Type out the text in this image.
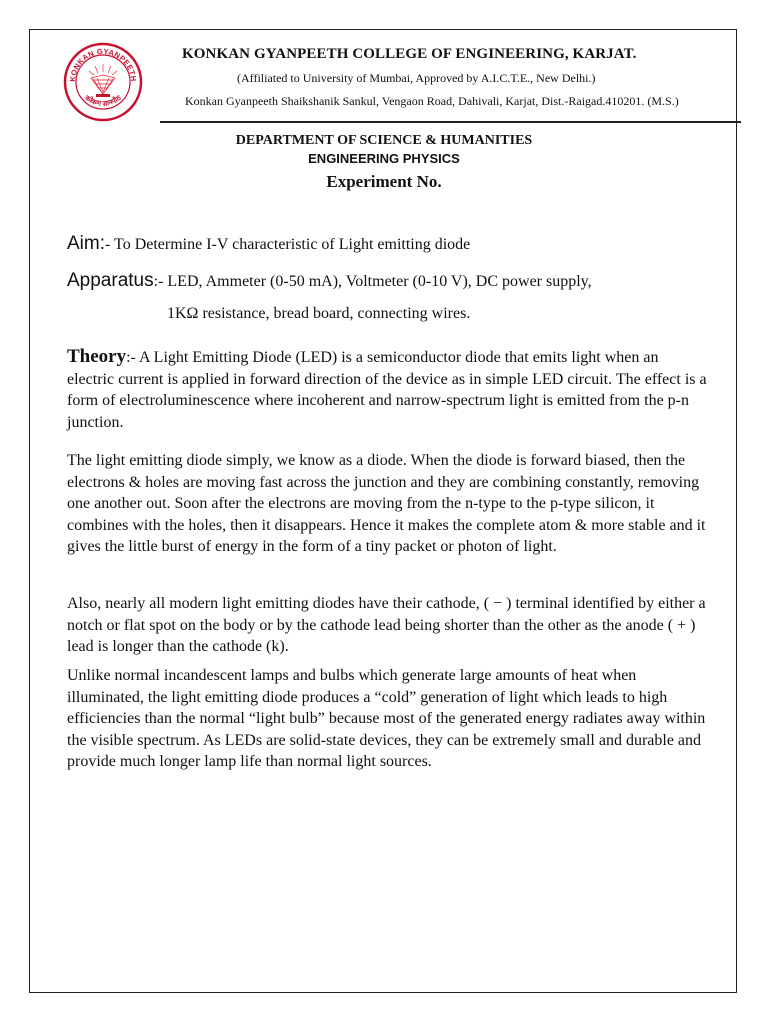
KONKAN GYANPEETH
कोकण ज्ञानपीठ
KONKAN GYANPEETH COLLEGE OF ENGINEERING, KARJAT.
(Affiliated to University of Mumbai, Approved by A.I.C.T.E., New Delhi.)
Konkan Gyanpeeth Shaikshanik Sankul, Vengaon Road, Dahivali, Karjat, Dist.-Raigad.410201. (M.S.)
DEPARTMENT OF SCIENCE & HUMANITIES
ENGINEERING PHYSICS
Experiment No.
Aim:- To Determine I-V characteristic of Light emitting diode
Apparatus:- LED, Ammeter (0-50 mA), Voltmeter (0-10 V), DC power supply,
1KΩ resistance, bread board, connecting wires.
Theory:- A Light Emitting Diode (LED) is a semiconductor diode that emits light when an electric current is applied in forward direction of the device as in simple LED circuit. The effect is a form of electroluminescence where incoherent and narrow-spectrum light is emitted from the p-n junction.
The light emitting diode simply, we know as a diode. When the diode is forward biased, then the electrons & holes are moving fast across the junction and they are combining constantly, removing one another out. Soon after the electrons are moving from the n-type to the p-type silicon, it combines with the holes, then it disappears. Hence it makes the complete atom & more stable and it gives the little burst of energy in the form of a tiny packet or photon of light.
Also, nearly all modern light emitting diodes have their cathode, ( − ) terminal identified by either a notch or flat spot on the body or by the cathode lead being shorter than the other as the anode ( + ) lead is longer than the cathode (k).
Unlike normal incandescent lamps and bulbs which generate large amounts of heat when illuminated, the light emitting diode produces a “cold” generation of light which leads to high efficiencies than the normal “light bulb” because most of the generated energy radiates away within the visible spectrum. As LEDs are solid-state devices, they can be extremely small and durable and provide much longer lamp life than normal light sources.
